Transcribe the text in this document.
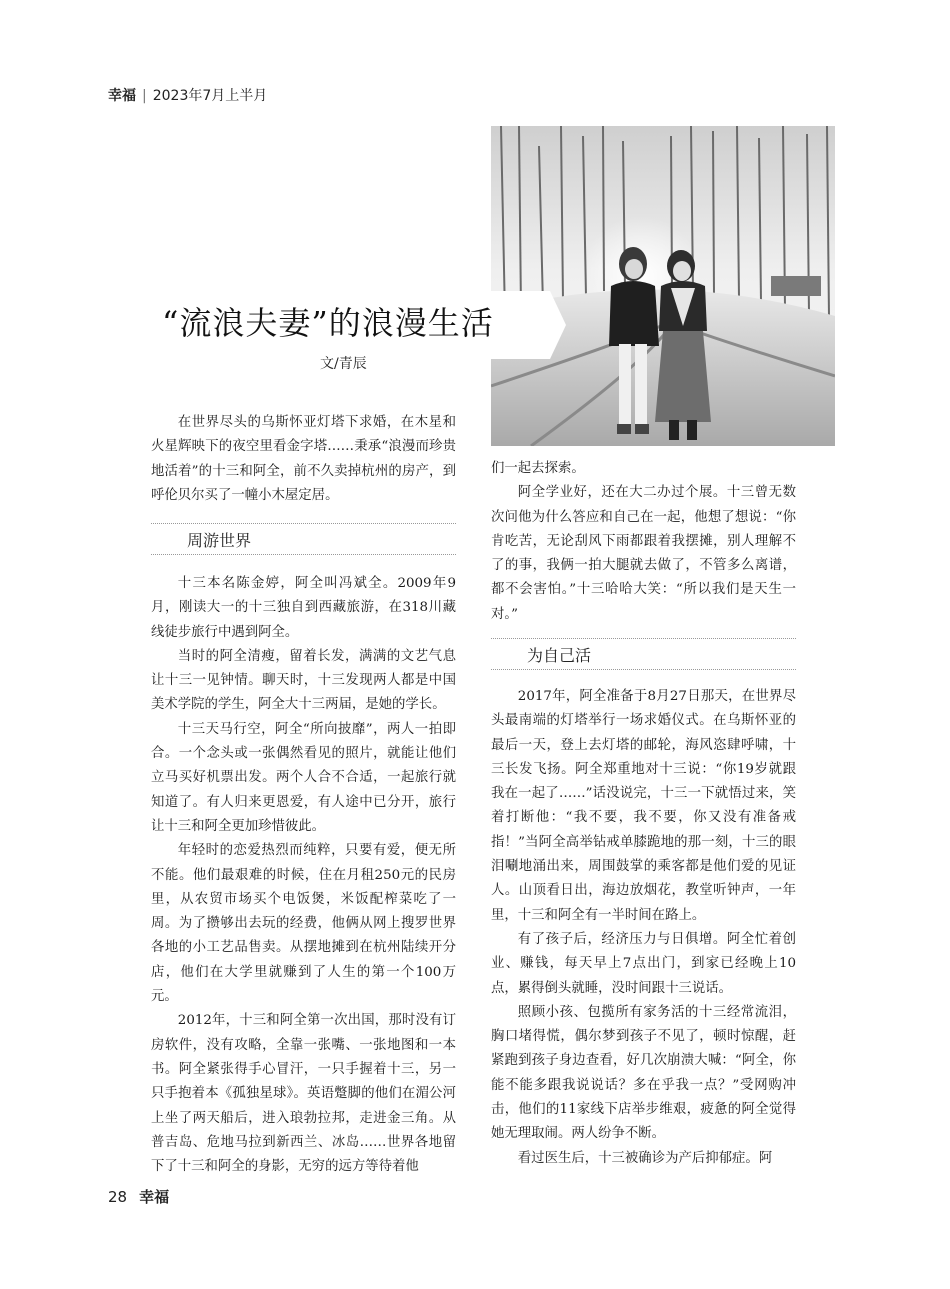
幸福 | 2023年7月上半月
“流浪夫妻”的浪漫生活
文/青辰

在世界尽头的乌斯怀亚灯塔下求婚，在木星和火星辉映下的夜空里看金字塔……秉承“浪漫而珍贵地活着”的十三和阿全，前不久卖掉杭州的房产，到呼伦贝尔买了一幢小木屋定居。

周游世界

十三本名陈金婷，阿全叫冯斌全。2009年9月，刚读大一的十三独自到西藏旅游，在318川藏线徒步旅行中遇到阿全。

当时的阿全清瘦，留着长发，满满的文艺气息让十三一见钟情。聊天时，十三发现两人都是中国美术学院的学生，阿全大十三两届，是她的学长。

十三天马行空，阿全“所向披靡”，两人一拍即合。一个念头或一张偶然看见的照片，就能让他们立马买好机票出发。两个人合不合适，一起旅行就知道了。有人归来更恩爱，有人途中已分开，旅行让十三和阿全更加珍惜彼此。

年轻时的恋爱热烈而纯粹，只要有爱，便无所不能。他们最艰难的时候，住在月租250元的民房里，从农贸市场买个电饭煲，米饭配榨菜吃了一周。为了攒够出去玩的经费，他俩从网上搜罗世界各地的小工艺品售卖。从摆地摊到在杭州陆续开分店，他们在大学里就赚到了人生的第一个100万元。

2012年，十三和阿全第一次出国，那时没有订房软件，没有攻略，全靠一张嘴、一张地图和一本书。阿全紧张得手心冒汗，一只手握着十三，另一只手抱着本《孤独星球》。英语蹩脚的他们在湄公河上坐了两天船后，进入琅勃拉邦，走进金三角。从普吉岛、危地马拉到新西兰、冰岛……世界各地留下了十三和阿全的身影，无穷的远方等待着他

们一起去探索。

阿全学业好，还在大二办过个展。十三曾无数次问他为什么答应和自己在一起，他想了想说：“你肯吃苦，无论刮风下雨都跟着我摆摊，别人理解不了的事，我俩一拍大腿就去做了，不管多么离谱，都不会害怕。”十三哈哈大笑：“所以我们是天生一对。”

为自己活

2017年，阿全准备于8月27日那天，在世界尽头最南端的灯塔举行一场求婚仪式。在乌斯怀亚的最后一天，登上去灯塔的邮轮，海风恣肆呼啸，十三长发飞扬。阿全郑重地对十三说：“你19岁就跟我在一起了……”话没说完，十三一下就悟过来，笑着打断他：“我不要，我不要，你又没有准备戒指！”当阿全高举钻戒单膝跪地的那一刻，十三的眼泪唰地涌出来，周围鼓掌的乘客都是他们爱的见证人。山顶看日出，海边放烟花，教堂听钟声，一年里，十三和阿全有一半时间在路上。

有了孩子后，经济压力与日俱增。阿全忙着创业、赚钱，每天早上7点出门，到家已经晚上10点，累得倒头就睡，没时间跟十三说话。

照顾小孩、包揽所有家务活的十三经常流泪，胸口堵得慌，偶尔梦到孩子不见了，顿时惊醒，赶紧跑到孩子身边查看，好几次崩溃大喊：“阿全，你能不能多跟我说说话？多在乎我一点？”受网购冲击，他们的11家线下店举步维艰，疲惫的阿全觉得她无理取闹。两人纷争不断。

看过医生后，十三被确诊为产后抑郁症。阿

28 幸福
